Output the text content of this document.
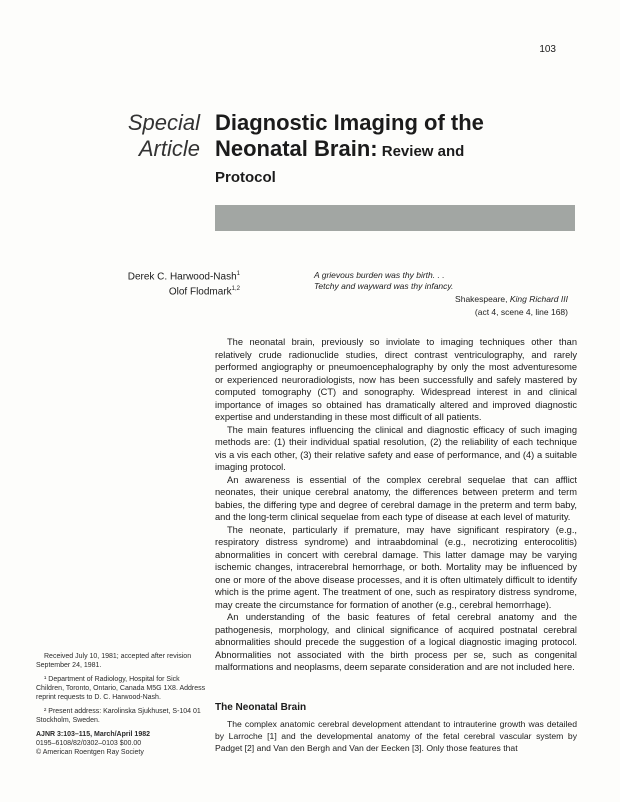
103
Special
Article
Diagnostic Imaging of the
Neonatal Brain: Review and
Protocol
Derek C. Harwood-Nash$^1$
Olof Flodmark$^{1,2}$
A grievous burden was thy birth. . .
Tetchy and wayward was thy infancy.
Shakespeare, King Richard III
(act 4, scene 4, line 168)

The neonatal brain, previously so inviolate to imaging techniques other than relatively crude radionuclide studies, direct contrast ventriculography, and rarely performed angiography or pneumoencephalography by only the most adventuresome or experienced neuroradiologists, now has been successfully and safely mastered by computed tomography (CT) and sonography. Widespread interest in and clinical importance of images so obtained has dramatically altered and improved diagnostic expertise and understanding in these most difficult of all patients.

The main features influencing the clinical and diagnostic efficacy of such imaging methods are: (1) their individual spatial resolution, (2) the reliability of each technique vis a vis each other, (3) their relative safety and ease of performance, and (4) a suitable imaging protocol.

An awareness is essential of the complex cerebral sequelae that can afflict neonates, their unique cerebral anatomy, the differences between preterm and term babies, the differing type and degree of cerebral damage in the preterm and term baby, and the long-term clinical sequelae from each type of disease at each level of maturity.

The neonate, particularly if premature, may have significant respiratory (e.g., respiratory distress syndrome) and intraabdominal (e.g., necrotizing enterocolitis) abnormalities in concert with cerebral damage. This latter damage may be varying ischemic changes, intracerebral hemorrhage, or both. Mortality may be influenced by one or more of the above disease processes, and it is often ultimately difficult to identify which is the prime agent. The treatment of one, such as respiratory distress syndrome, may create the circumstance for formation of another (e.g., cerebral hemorrhage).

An understanding of the basic features of fetal cerebral anatomy and the pathogenesis, morphology, and clinical significance of acquired postnatal cerebral abnormalities should precede the suggestion of a logical diagnostic imaging protocol. Abnormalities not associated with the birth process per se, such as congenital malformations and neoplasms, deem separate consideration and are not included here.

The Neonatal Brain

The complex anatomic cerebral development attendant to intrauterine growth was detailed by Larroche [1] and the developmental anatomy of the fetal cerebral vascular system by Padget [2] and Van den Bergh and Van der Eecken [3]. Only those features that

Received July 10, 1981; accepted after revision September 24, 1981.
¹ Department of Radiology, Hospital for Sick Children, Toronto, Ontario, Canada M5G 1X8. Address reprint requests to D. C. Harwood-Nash.
² Present address: Karolinska Sjukhuset, S-104 01 Stockholm, Sweden.
AJNR 3:103–115, March/April 1982
0195–6108/82/0302–0103 $00.00
© American Roentgen Ray Society
